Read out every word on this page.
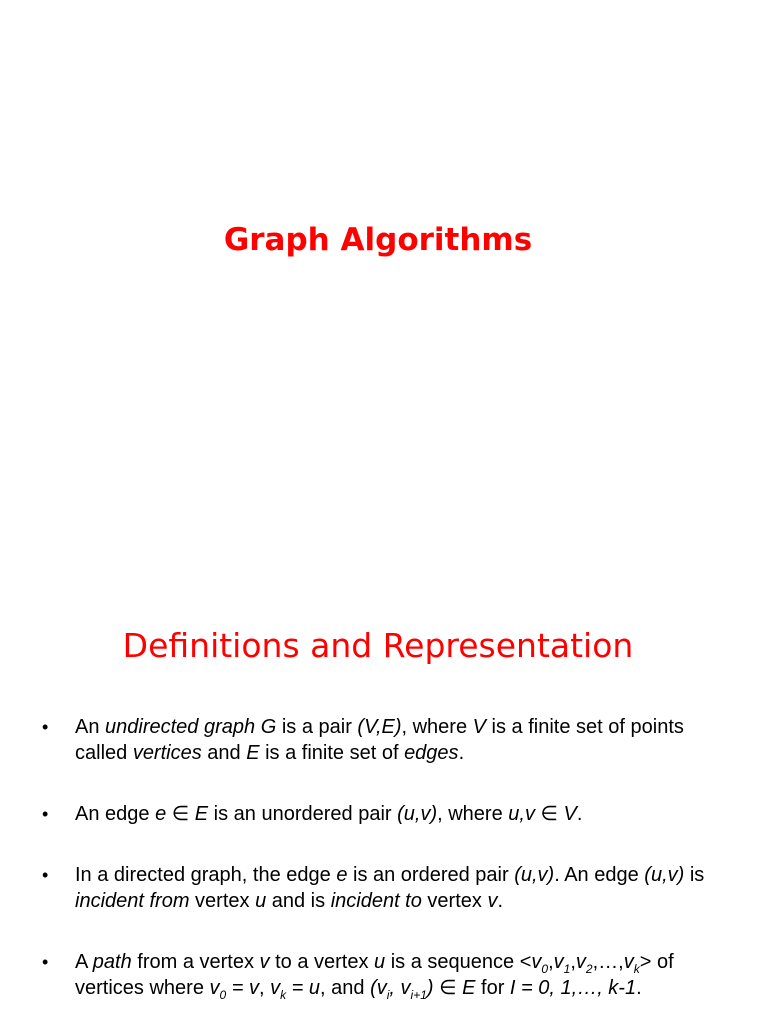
Graph Algorithms
Definitions and Representation
• An undirected graph G is a pair (V,E), where V is a finite set of points called vertices and E is a finite set of edges.
• An edge e ∈ E is an unordered pair (u,v), where u,v ∈ V.
• In a directed graph, the edge e is an ordered pair (u,v). An edge (u,v) is incident from vertex u and is incident to vertex v.
• A path from a vertex v to a vertex u is a sequence $<v_0,v_1,v_2,\dots,v_k>$ of vertices where $v_0 = v$, $v_k = u$, and ($v_i$, $v_{i+1}$) ∈ E for I = 0, 1,…, k-1.
